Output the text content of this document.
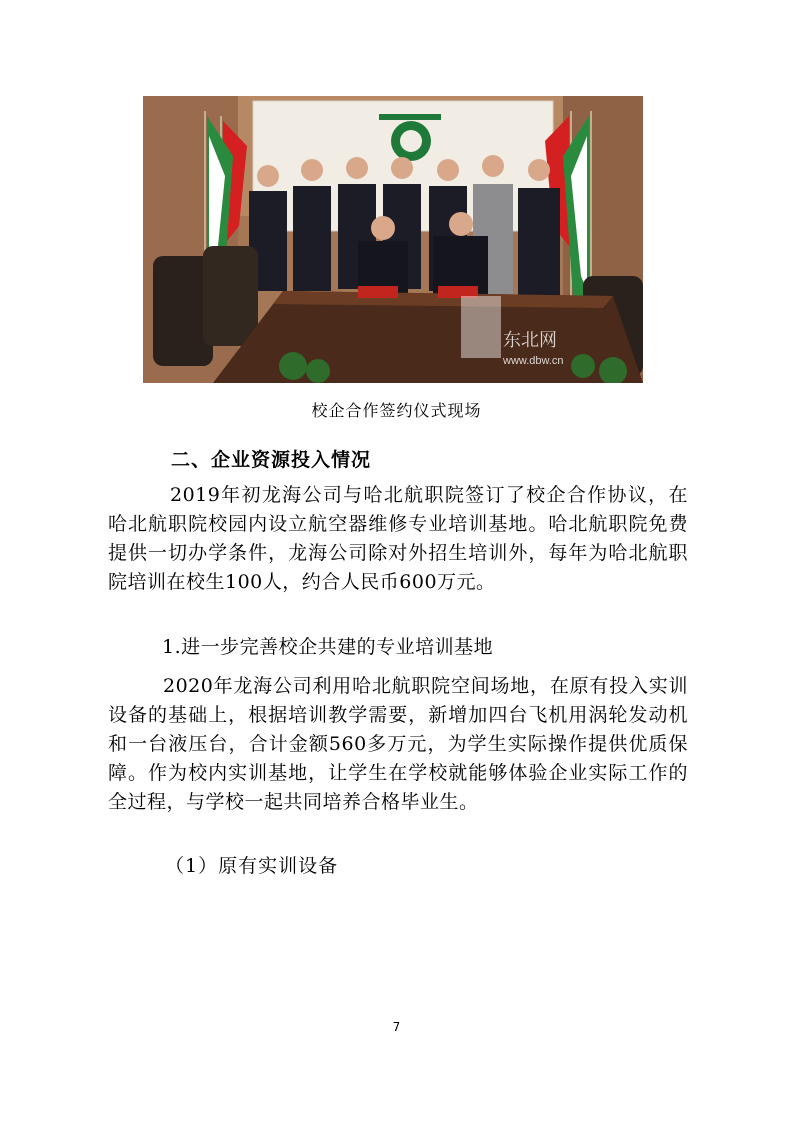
东北网
www.dbw.cn
校企合作签约仪式现场
二、企业资源投入情况
2019年初龙海公司与哈北航职院签订了校企合作协议，在哈北航职院校园内设立航空器维修专业培训基地。哈北航职院免费提供一切办学条件，龙海公司除对外招生培训外，每年为哈北航职院培训在校生100人，约合人民币600万元。
1.进一步完善校企共建的专业培训基地
2020年龙海公司利用哈北航职院空间场地，在原有投入实训设备的基础上，根据培训教学需要，新增加四台飞机用涡轮发动机和一台液压台，合计金额560多万元，为学生实际操作提供优质保障。作为校内实训基地，让学生在学校就能够体验企业实际工作的全过程，与学校一起共同培养合格毕业生。
（1）原有实训设备
7
